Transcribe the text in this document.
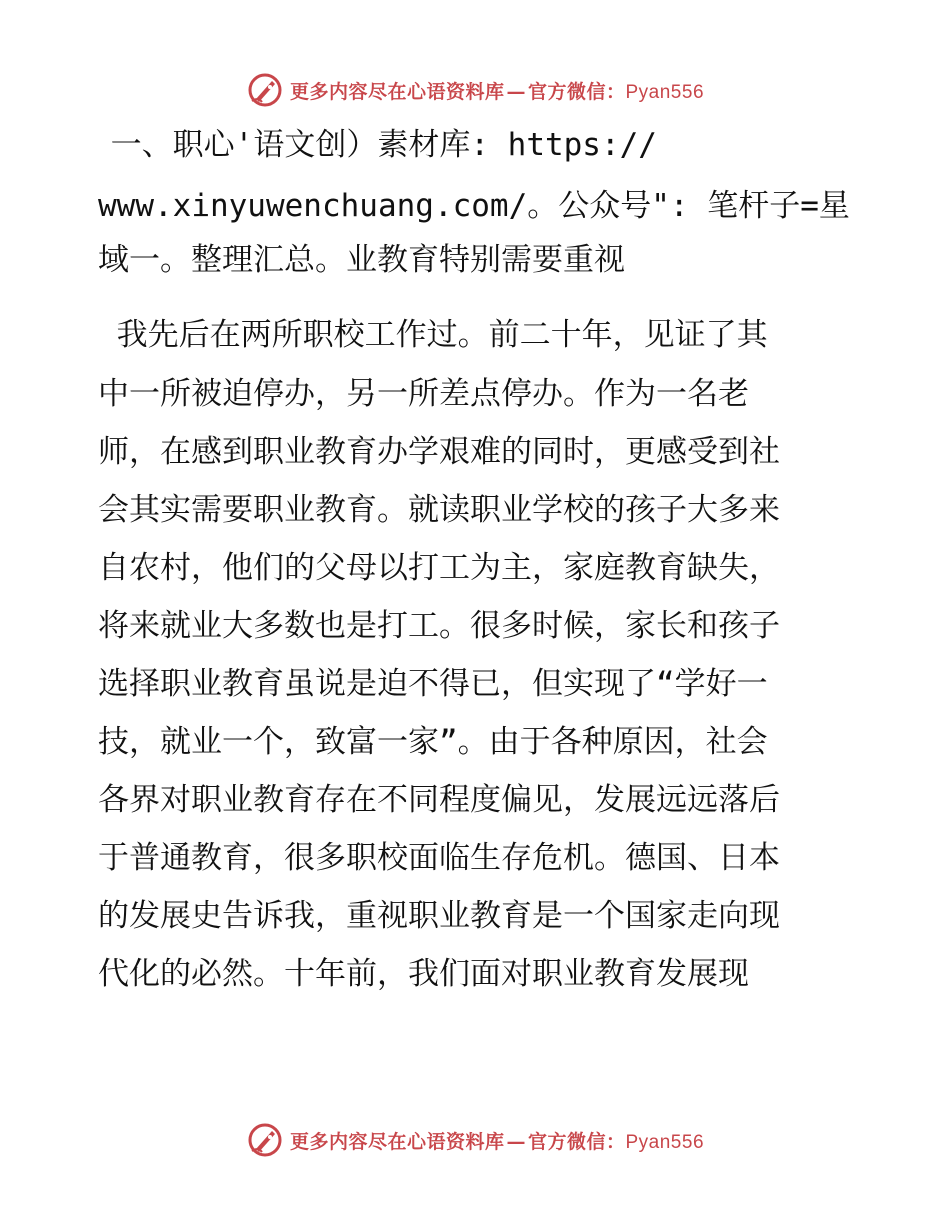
更多内容尽在心语资料库 — 官方微信：Pyan556
一、职心'语文创）素材库: https://
www.xinyuwenchuang.com/。公众号": 笔杆子=星
域一。整理汇总。业教育特别需要重视
我先后在两所职校工作过。前二十年，见证了其
中一所被迫停办，另一所差点停办。作为一名老
师，在感到职业教育办学艰难的同时，更感受到社
会其实需要职业教育。就读职业学校的孩子大多来
自农村，他们的父母以打工为主，家庭教育缺失，
将来就业大多数也是打工。很多时候，家长和孩子
选择职业教育虽说是迫不得已，但实现了“学好一
技，就业一个，致富一家”。由于各种原因，社会
各界对职业教育存在不同程度偏见，发展远远落后
于普通教育，很多职校面临生存危机。德国、日本
的发展史告诉我，重视职业教育是一个国家走向现
代化的必然。十年前，我们面对职业教育发展现
更多内容尽在心语资料库 — 官方微信：Pyan556
